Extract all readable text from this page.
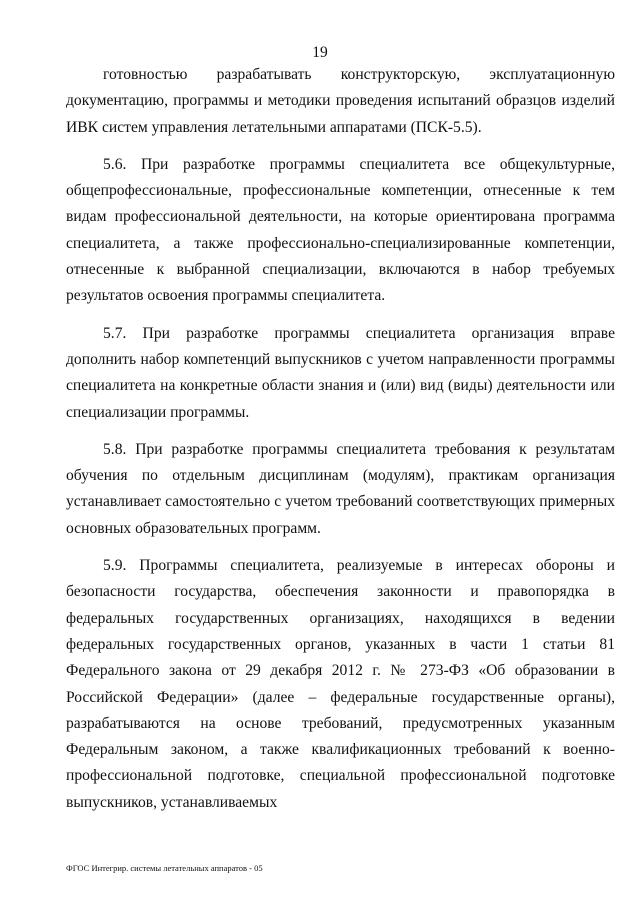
19

готовностью разрабатывать конструкторскую, эксплуатационную документацию, программы и методики проведения испытаний образцов изделий ИВК систем управления летательными аппаратами (ПСК-5.5).

5.6. При разработке программы специалитета все общекультурные, общепрофессиональные, профессиональные компетенции, отнесенные к тем видам профессиональной деятельности, на которые ориентирована программа специалитета, а также профессионально-специализированные компетенции, отнесенные к выбранной специализации, включаются в набор требуемых результатов освоения программы специалитета.

5.7. При разработке программы специалитета организация вправе дополнить набор компетенций выпускников с учетом направленности программы специалитета на конкретные области знания и (или) вид (виды) деятельности или специализации программы.

5.8. При разработке программы специалитета требования к результатам обучения по отдельным дисциплинам (модулям), практикам организация устанавливает самостоятельно с учетом требований соответствующих примерных основных образовательных программ.

5.9. Программы специалитета, реализуемые в интересах обороны и безопасности государства, обеспечения законности и правопорядка в федеральных государственных организациях, находящихся в ведении федеральных государственных органов, указанных в части 1 статьи 81 Федерального закона от 29 декабря 2012 г. № 273-ФЗ «Об образовании в Российской Федерации» (далее – федеральные государственные органы), разрабатываются на основе требований, предусмотренных указанным Федеральным законом, а также квалификационных требований к военно-профессиональной подготовке, специальной профессиональной подготовке выпускников, устанавливаемых

ФГОС Интегрир. системы летательных аппаратов - 05
